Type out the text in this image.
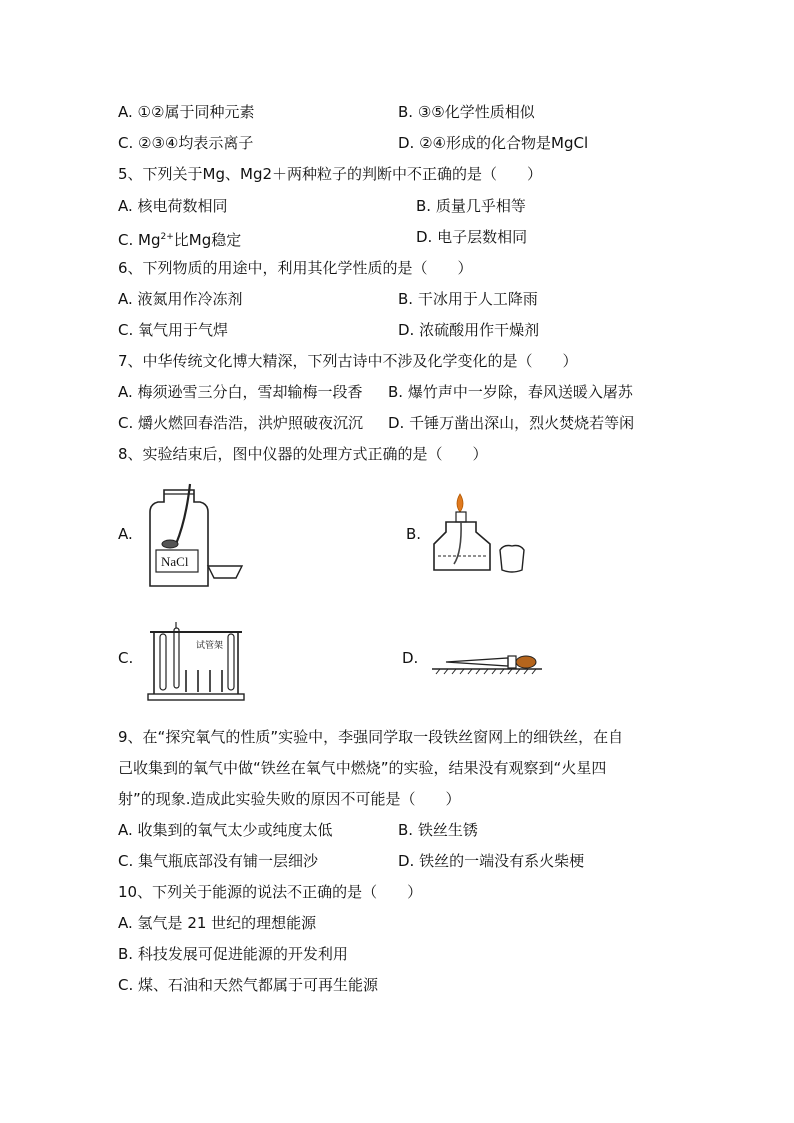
A. ①②属于同种元素	B. ③⑤化学性质相似
C. ②③④均表示离子	D. ②④形成的化合物是MgCl
5、下列关于Mg、Mg2＋两种粒子的判断中不正确的是（　　）
A. 核电荷数相同	B. 质量几乎相等
C. $Mg^{2+}$比Mg稳定	D. 电子层数相同
6、下列物质的用途中，利用其化学性质的是（　　）
A. 液氮用作冷冻剂	B. 干冰用于人工降雨
C. 氧气用于气焊	D. 浓硫酸用作干燥剂
7、中华传统文化博大精深，下列古诗中不涉及化学变化的是（　　）
A. 梅须逊雪三分白，雪却输梅一段香 B. 爆竹声中一岁除，春风送暖入屠苏
C. 爝火燃回春浩浩，洪炉照破夜沉沉 D. 千锤万凿出深山，烈火焚烧若等闲
8、实验结束后，图中仪器的处理方式正确的是（　　）
A.
NaCl
B.
C.
试管架
D.
9、在“探究氧气的性质”实验中，李强同学取一段铁丝窗网上的细铁丝，在自
己收集到的氧气中做“铁丝在氧气中燃烧”的实验，结果没有观察到“火星四
射”的现象.造成此实验失败的原因不可能是（　　）
A. 收集到的氧气太少或纯度太低	B. 铁丝生锈
C. 集气瓶底部没有铺一层细沙	D. 铁丝的一端没有系火柴梗
10、下列关于能源的说法不正确的是（　　）
A. 氢气是 21 世纪的理想能源
B. 科技发展可促进能源的开发利用
C. 煤、石油和天然气都属于可再生能源
